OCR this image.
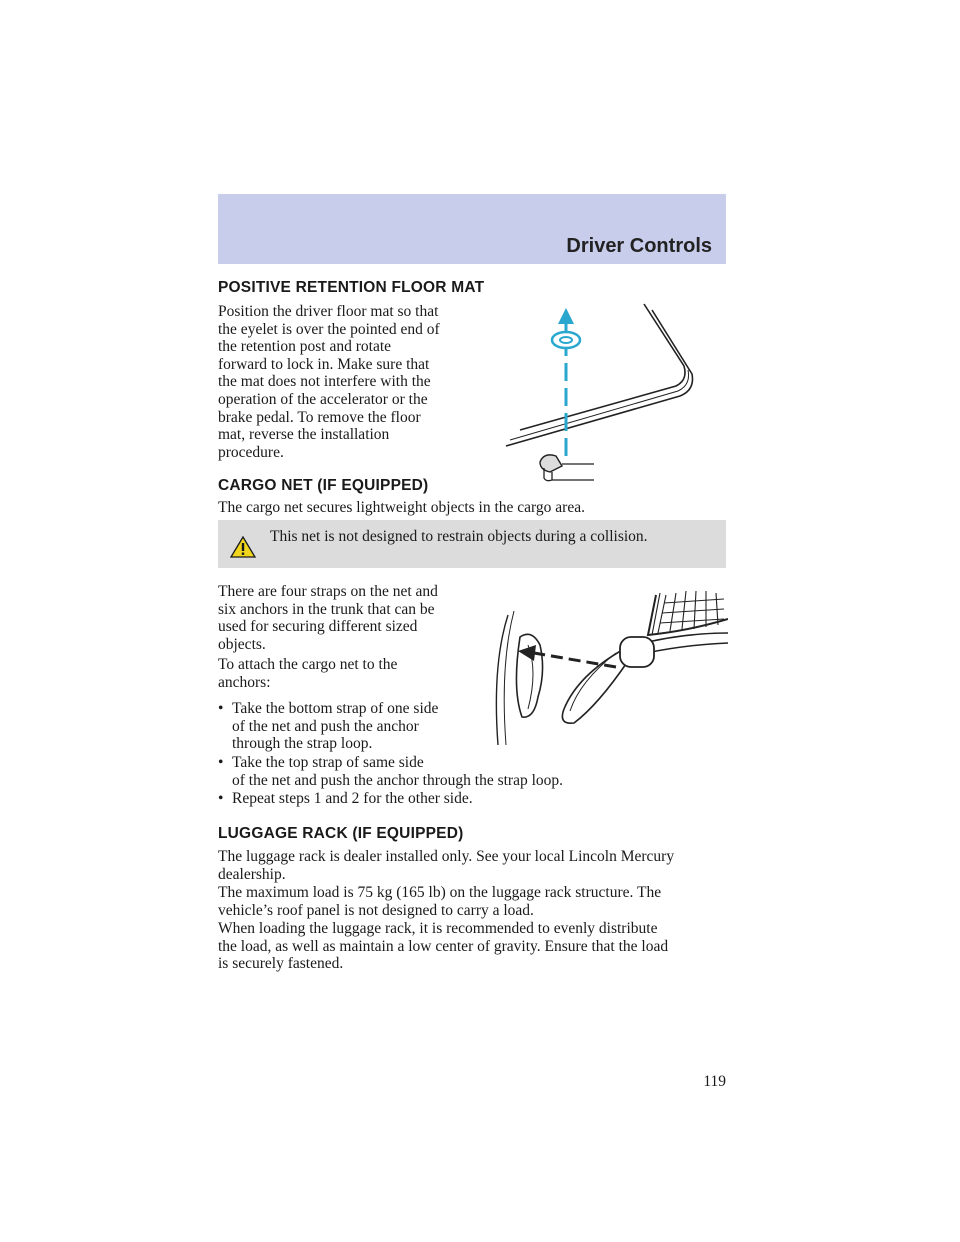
Driver Controls
POSITIVE RETENTION FLOOR MAT
Position the driver floor mat so that
the eyelet is over the pointed end of
the retention post and rotate
forward to lock in. Make sure that
the mat does not interfere with the
operation of the accelerator or the
brake pedal. To remove the floor
mat, reverse the installation
procedure.
CARGO NET (IF EQUIPPED)
The cargo net secures lightweight objects in the cargo area.
This net is not designed to restrain objects during a collision.
There are four straps on the net and
six anchors in the trunk that can be
used for securing different sized
objects.
To attach the cargo net to the
anchors:
• Take the bottom strap of one side
of the net and push the anchor
through the strap loop.
• Take the top strap of same side
of the net and push the anchor through the strap loop.
• Repeat steps 1 and 2 for the other side.
LUGGAGE RACK (IF EQUIPPED)
The luggage rack is dealer installed only. See your local Lincoln Mercury
dealership.
The maximum load is 75 kg (165 lb) on the luggage rack structure. The
vehicle’s roof panel is not designed to carry a load.
When loading the luggage rack, it is recommended to evenly distribute
the load, as well as maintain a low center of gravity. Ensure that the load
is securely fastened.
119
